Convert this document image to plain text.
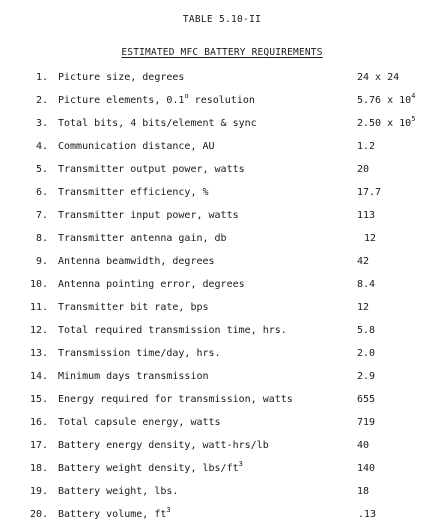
TABLE 5.10-II
ESTIMATED MFC BATTERY REQUIREMENTS
1. Picture size, degrees	24 x 24
2. Picture elements, 0.1$^o$ resolution	5.76 x $10^4$
3. Total bits, 4 bits/element & sync	2.50 x $10^5$
4. Communication distance, AU	1.2
5. Transmitter output power, watts	20
6. Transmitter efficiency, %	17.7
7. Transmitter input power, watts	113
8. Transmitter antenna gain, db	12
9. Antenna beamwidth, degrees	42
10. Antenna pointing error, degrees	8.4
11. Transmitter bit rate, bps	12
12. Total required transmission time, hrs.	5.8
13. Transmission time/day, hrs.	2.0
14. Minimum days transmission	2.9
15. Energy required for transmission, watts	655
16. Total capsule energy, watts	719
17. Battery energy density, watt-hrs/lb	40
18. Battery weight density, lbs/$ft^3$	140
19. Battery weight, lbs.	18
20. Battery volume, $ft^3$	.13
